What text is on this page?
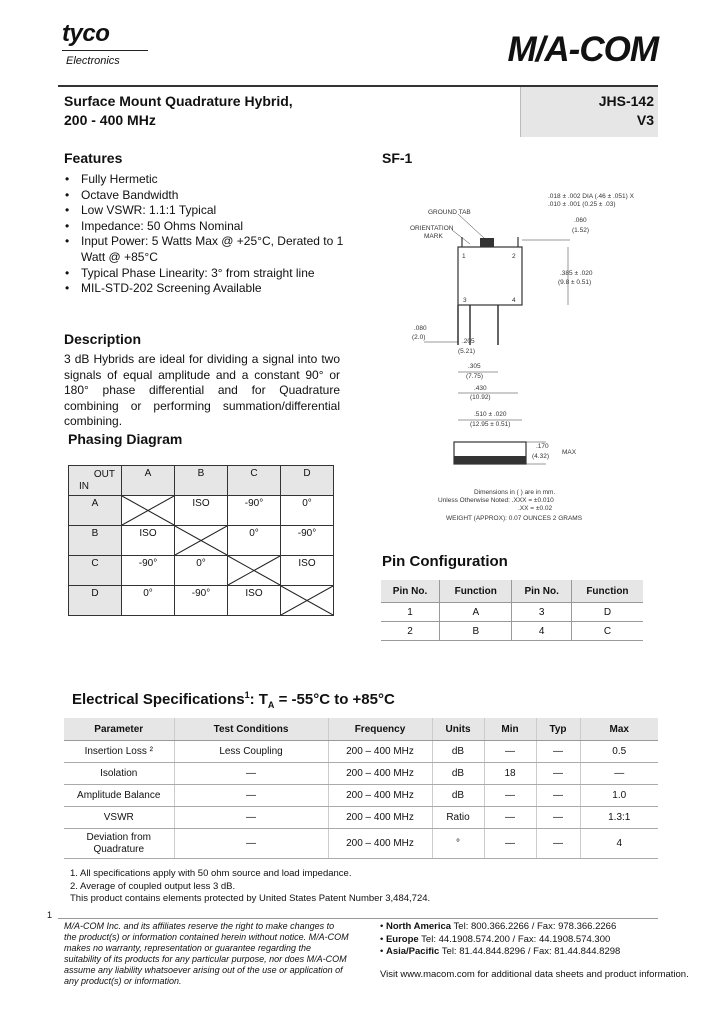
tyco
Electronics	M/A-COM
Surface Mount Quadrature Hybrid,
200 - 400 MHz
JHS-142
V3
Features
• Fully Hermetic
• Octave Bandwidth
• Low VSWR: 1.1:1 Typical
• Impedance: 50 Ohms Nominal
• Input Power: 5 Watts Max @ +25°C, Derated to 1 Watt @ +85°C
• Typical Phase Linearity: 3° from straight line
• MIL-STD-202 Screening Available
Description
3 dB Hybrids are ideal for dividing a signal into two signals of equal amplitude and a constant 90° or 180° phase differential and for Quadrature combining or performing summation/differential combining.
Phasing Diagram
OUT
IN	A	B	C	D
A		ISO	-90°	0°
B	ISO		0°	-90°
C	-90°	0°		ISO
D	0°	-90°	ISO	
SF-1
1	2
3	4
GROUND TAB
ORIENTATION
MARK
.018 ± .002 DIA (.46 ± .051) X
.010 ± .001 (0.25 ± .03)
.060
(1.52)
.385 ± .020
(9.8 ± 0.51)
.080
(2.0)
.205
(5.21)
.305
(7.75)
.430
(10.92)
.510 ± .020
(12.95 ± 0.51)
.170
(4.32)
MAX
Dimensions in ( ) are in mm.
Unless Otherwise Noted: .XXX = ±0.010
.XX = ±0.02
WEIGHT (APPROX): 0.07 OUNCES 2 GRAMS
Pin Configuration
Pin No.	Function	Pin No.	Function
1	A	3	D
2	B	4	C
Electrical Specifications$^1$: $T_A = -55^\circ C$ to +85°C
Parameter	Test Conditions	Frequency	Units	Min	Typ	Max
Insertion Loss ²	Less Coupling	200 – 400 MHz	dB	—	—	0.5
Isolation	—	200 – 400 MHz	dB	18	—	—
Amplitude Balance	—	200 – 400 MHz	dB	—	—	1.0
VSWR	—	200 – 400 MHz	Ratio	—	—	1.3:1
Deviation from Quadrature	—	200 – 400 MHz	°	—	—	4
1. All specifications apply with 50 ohm source and load impedance.
2. Average of coupled output less 3 dB.
This product contains elements protected by United States Patent Number 3,484,724.
1
M/A-COM Inc. and its affiliates reserve the right to make changes to the product(s) or information contained herein without notice. M/A-COM makes no warranty, representation or guarantee regarding the suitability of its products for any particular purpose, nor does M/A-COM assume any liability whatsoever arising out of the use or application of any product(s) or information.
• North America Tel: 800.366.2266 / Fax: 978.366.2266
• Europe Tel: 44.1908.574.200 / Fax: 44.1908.574.300
• Asia/Pacific Tel: 81.44.844.8296 / Fax: 81.44.844.8298
Visit www.macom.com for additional data sheets and product information.
